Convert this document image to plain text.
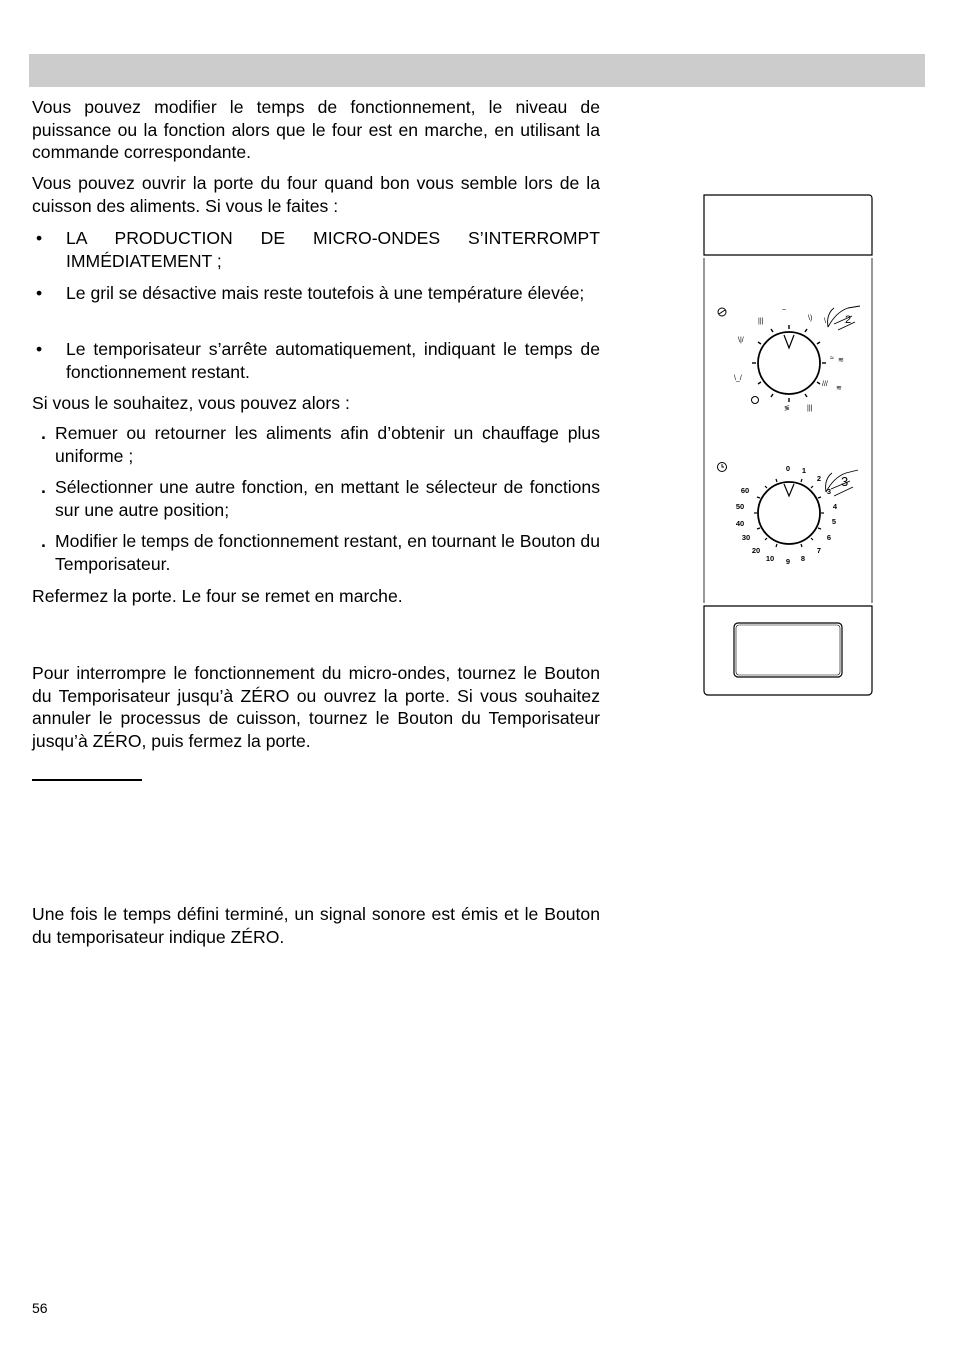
Vous pouvez modifier le temps de fonctionnement, le niveau de puissance ou la fonction alors que le four est en marche, en utilisant la commande correspondante.
Vous pouvez ouvrir la porte du four quand bon vous semble lors de la cuisson des aliments. Si vous le faites :
• LA PRODUCTION DE MICRO-ONDES S’INTERROMPT IMMÉDIATEMENT ;
• Le gril se désactive mais reste toutefois à une température élevée;
• Le temporisateur s’arrête automatiquement, indiquant le temps de fonctionnement restant.
Si vous le souhaitez, vous pouvez alors :
. Remuer ou retourner les aliments afin d’obtenir un chauffage plus uniforme ;
. Sélectionner une autre fonction, en mettant le sélecteur de fonctions sur une autre position;
. Modifier le temps de fonctionnement restant, en tournant le Bouton du Temporisateur.
Refermez la porte. Le four se remet en marche.
Pour interrompre le fonctionnement du micro-ondes, tournez le Bouton du Temporisateur jusqu’à ZÉRO ou ouvrez la porte. Si vous souhaitez annuler le processus de cuisson, tournez le Bouton du Temporisateur jusqu’à ZÉRO, puis fermez la porte.
Une fois le temps défini terminé, un signal sonore est émis et le Bouton du temporisateur indique ZÉRO.
56
|||
~
\) \
\|/
\_/
≈ ≋
///
≋
≶ |||
2
0 1
2
3
4
5
6
7
8
9
10
20
30
40
50
60
3
